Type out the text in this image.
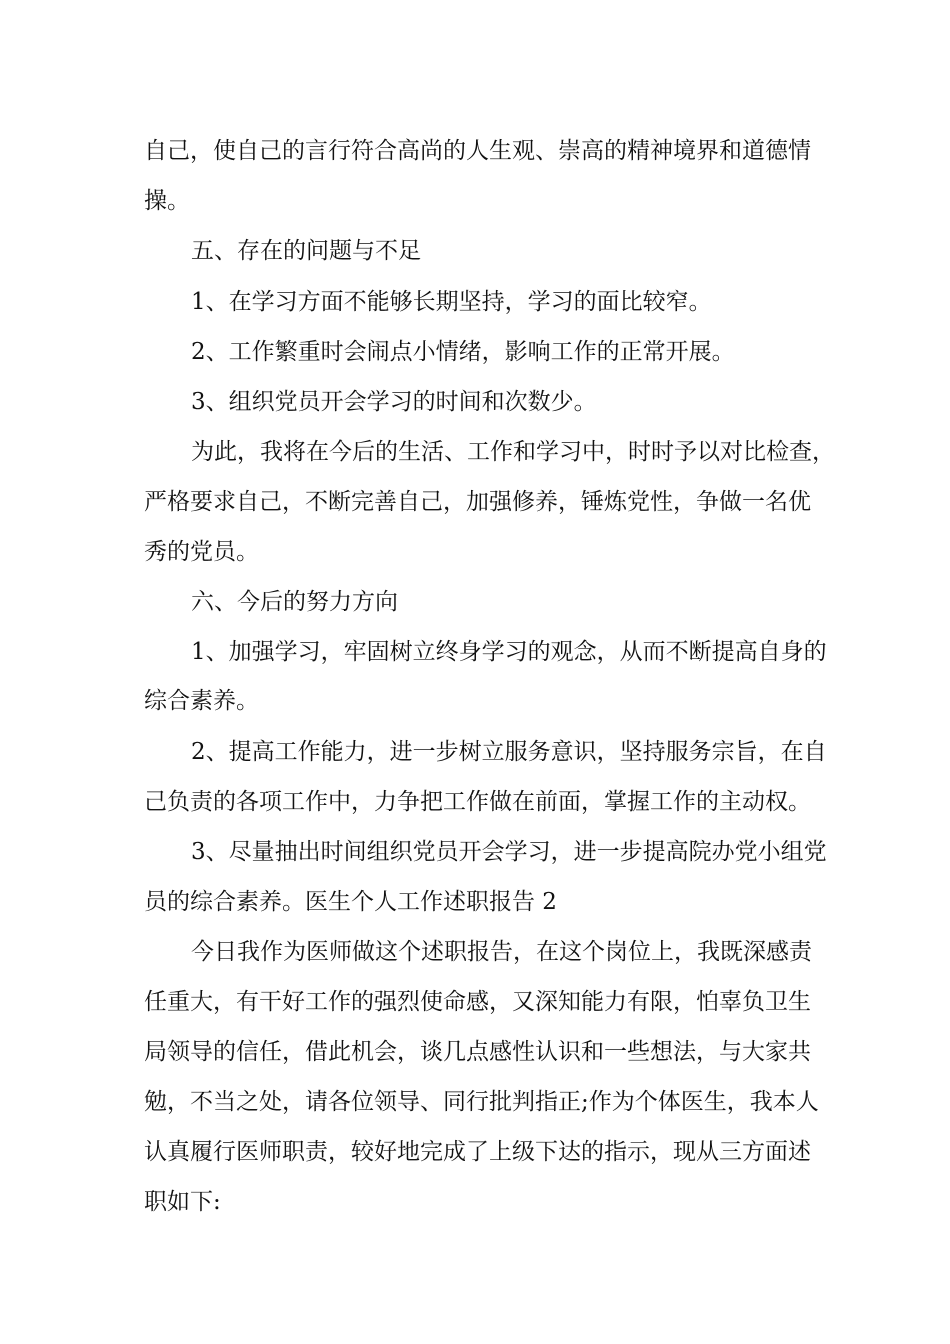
自己，使自己的言行符合高尚的人生观、崇高的精神境界和道德情
操。
五、存在的问题与不足
1、在学习方面不能够长期坚持，学习的面比较窄。
2、工作繁重时会闹点小情绪，影响工作的正常开展。
3、组织党员开会学习的时间和次数少。
为此，我将在今后的生活、工作和学习中，时时予以对比检查，
严格要求自己，不断完善自己，加强修养，锤炼党性，争做一名优
秀的党员。
六、今后的努力方向
1、加强学习，牢固树立终身学习的观念，从而不断提高自身的
综合素养。
2、提高工作能力，进一步树立服务意识，坚持服务宗旨，在自
己负责的各项工作中，力争把工作做在前面，掌握工作的主动权。
3、尽量抽出时间组织党员开会学习，进一步提高院办党小组党
员的综合素养。医生个人工作述职报告 2
今日我作为医师做这个述职报告，在这个岗位上，我既深感责
任重大，有干好工作的强烈使命感，又深知能力有限，怕辜负卫生
局领导的信任，借此机会，谈几点感性认识和一些想法，与大家共
勉，不当之处，请各位领导、同行批判指正;作为个体医生，我本人
认真履行医师职责，较好地完成了上级下达的指示，现从三方面述
职如下:
